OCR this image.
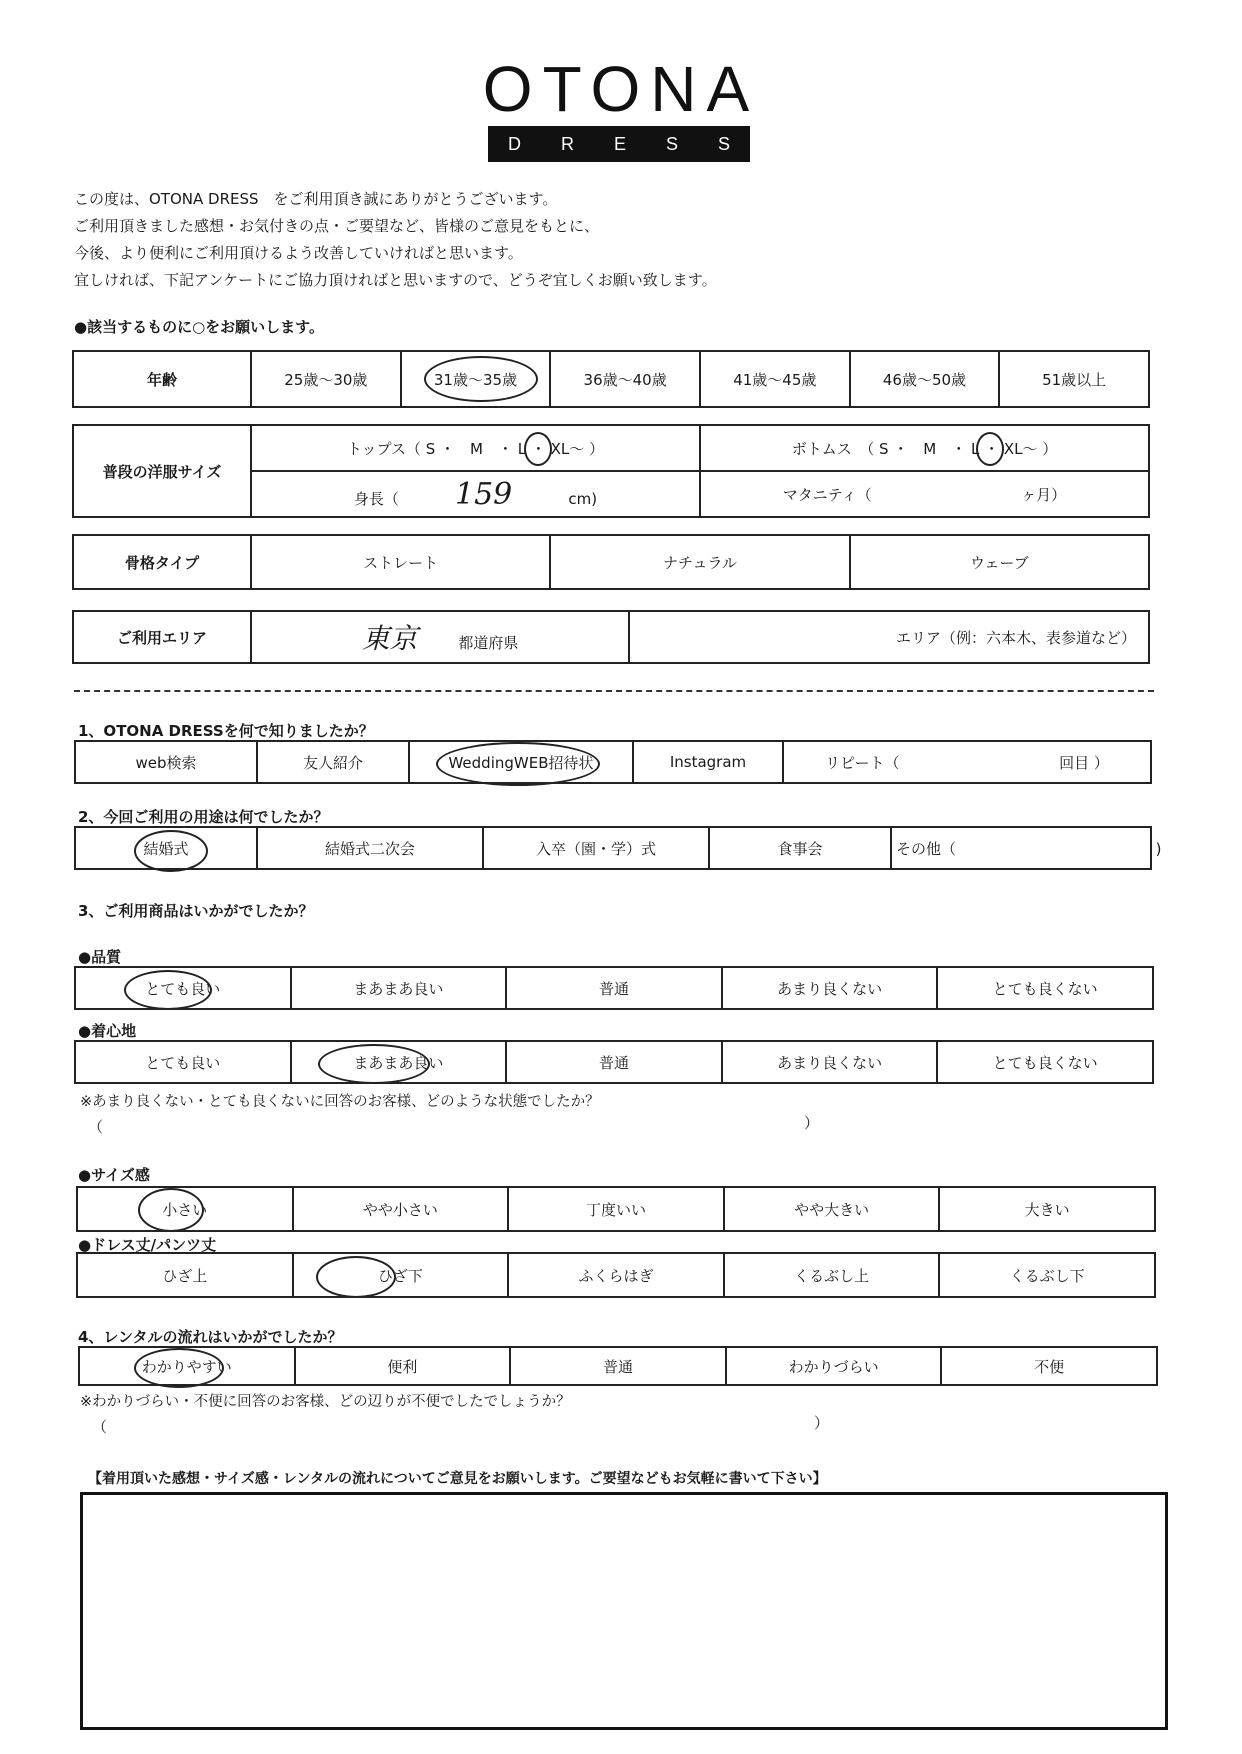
OTONA
D R E S S
この度は、OTONA DRESS　をご利用頂き誠にありがとうございます。
ご利用頂きました感想・お気付きの点・ご要望など、皆様のご意見をもとに、
今後、より便利にご利用頂けるよう改善していければと思います。
宜しければ、下記アンケートにご協力頂ければと思いますので、どうぞ宜しくお願い致します。
●該当するものに○をお願いします。
年齢	25歳～30歳	31歳～35歳	36歳～40歳	41歳～45歳	46歳～50歳	51歳以上
普段の洋服サイズ	トップス（ S ・　M　・ L ・ XL～ ）	ボトムス　（ S ・　M　・ L ・ XL～ ）
	身長（ 159 cm)	マタニティ（ ヶ月）
骨格タイプ	ストレート	ナチュラル	ウェーブ
ご利用エリア	東京	都道府県	エリア（例：六本木、表参道など）
1、OTONA DRESSを何で知りましたか？
web検索	友人紹介	WeddingWEB招待状	Instagram	リピート（	回目 ）
2、今回ご利用の用途は何でしたか？
結婚式	結婚式二次会	入卒（園・学）式	食事会	その他（	)
3、ご利用商品はいかがでしたか？
●品質
とても良い	まあまあ良い	普通	あまり良くない	とても良くない
●着心地
とても良い	まあまあ良い	普通	あまり良くない	とても良くない
※あまり良くない・とても良くないに回答のお客様、どのような状態でしたか？
（	）
●サイズ感
小さい	やや小さい	丁度いい	やや大きい	大きい
●ドレス丈/パンツ丈
ひざ上	ひざ下	ふくらはぎ	くるぶし上	くるぶし下
4、レンタルの流れはいかがでしたか？
わかりやすい	便利	普通	わかりづらい	不便
※わかりづらい・不便に回答のお客様、どの辺りが不便でしたでしょうか？
（	）
【着用頂いた感想・サイズ感・レンタルの流れについてご意見をお願いします。ご要望などもお気軽に書いて下さい】
